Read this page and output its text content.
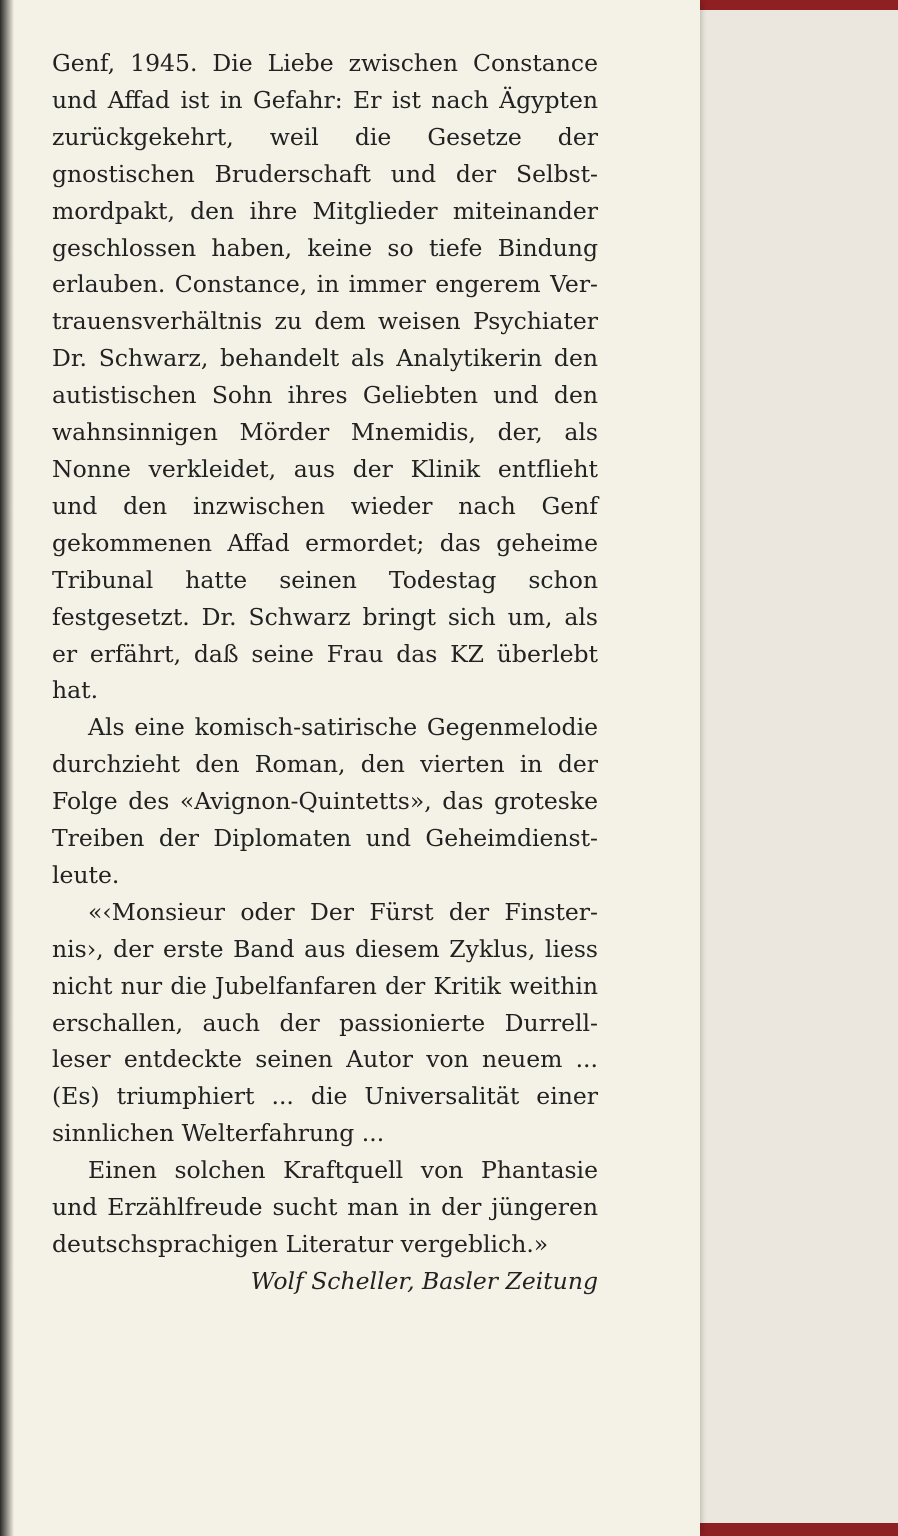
Genf, 1945. Die Liebe zwischen Constance und Affad ist in Gefahr: Er ist nach Ägypten zurückgekehrt, weil die Gesetze der gnostischen Bruderschaft und der Selbstmordpakt, den ihre Mitglieder miteinander geschlossen haben, keine so tiefe Bindung erlauben. Constance, in immer engerem Vertrauensverhältnis zu dem weisen Psychiater Dr. Schwarz, behandelt als Analytikerin den autistischen Sohn ihres Geliebten und den wahnsinnigen Mörder Mnemidis, der, als Nonne verkleidet, aus der Klinik entflieht und den inzwischen wieder nach Genf gekommenen Affad ermordet; das geheime Tribunal hatte seinen Todestag schon festgesetzt. Dr. Schwarz bringt sich um, als er erfährt, daß seine Frau das KZ überlebt hat.

Als eine komisch-satirische Gegenmelodie durchzieht den Roman, den vierten in der Folge des «Avignon-Quintetts», das groteske Treiben der Diplomaten und Geheimdienstleute.

«‹Monsieur oder Der Fürst der Finsternis›, der erste Band aus diesem Zyklus, liess nicht nur die Jubelfanfaren der Kritik weithin erschallen, auch der passionierte Durrellleser entdeckte seinen Autor von neuem ... (Es) triumphiert ... die Universalität einer sinnlichen Welterfahrung ...

Einen solchen Kraftquell von Phantasie und Erzählfreude sucht man in der jüngeren deutschsprachigen Literatur vergeblich.»

Wolf Scheller, Basler Zeitung
